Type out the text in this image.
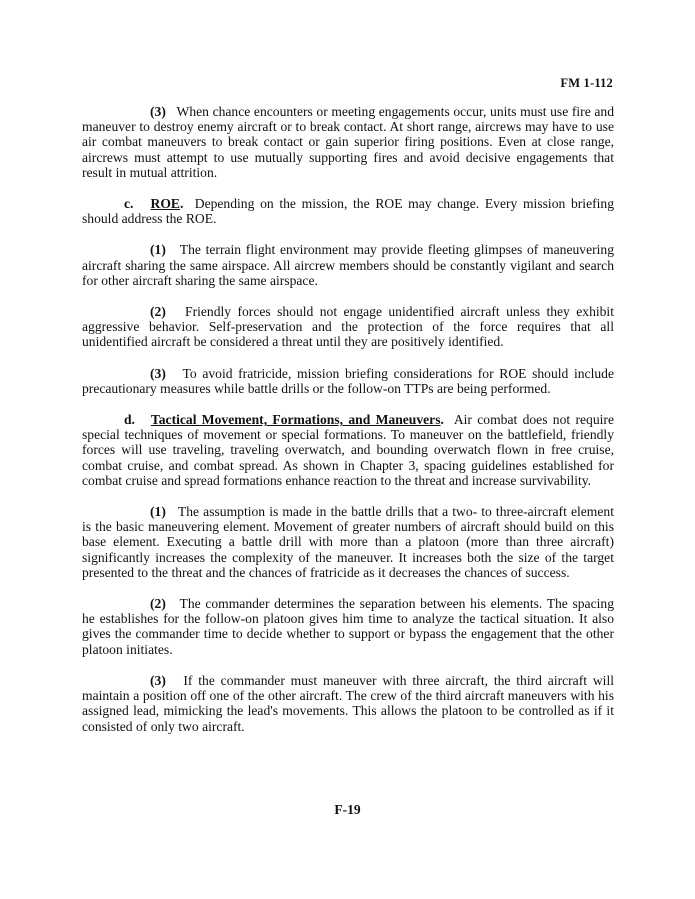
FM 1-112

(3) When chance encounters or meeting engagements occur, units must use fire and maneuver to destroy enemy aircraft or to break contact. At short range, aircrews may have to use air combat maneuvers to break contact or gain superior firing positions. Even at close range, aircrews must attempt to use mutually supporting fires and avoid decisive engagements that result in mutual attrition.

c. ROE. Depending on the mission, the ROE may change. Every mission briefing should address the ROE.

(1) The terrain flight environment may provide fleeting glimpses of maneuvering aircraft sharing the same airspace. All aircrew members should be constantly vigilant and search for other aircraft sharing the same airspace.

(2) Friendly forces should not engage unidentified aircraft unless they exhibit aggressive behavior. Self-preservation and the protection of the force requires that all unidentified aircraft be considered a threat until they are positively identified.

(3) To avoid fratricide, mission briefing considerations for ROE should include precautionary measures while battle drills or the follow-on TTPs are being performed.

d. Tactical Movement, Formations, and Maneuvers. Air combat does not require special techniques of movement or special formations. To maneuver on the battlefield, friendly forces will use traveling, traveling overwatch, and bounding overwatch flown in free cruise, combat cruise, and combat spread. As shown in Chapter 3, spacing guidelines established for combat cruise and spread formations enhance reaction to the threat and increase survivability.

(1) The assumption is made in the battle drills that a two- to three-aircraft element is the basic maneuvering element. Movement of greater numbers of aircraft should build on this base element. Executing a battle drill with more than a platoon (more than three aircraft) significantly increases the complexity of the maneuver. It increases both the size of the target presented to the threat and the chances of fratricide as it decreases the chances of success.

(2) The commander determines the separation between his elements. The spacing he establishes for the follow-on platoon gives him time to analyze the tactical situation. It also gives the commander time to decide whether to support or bypass the engagement that the other platoon initiates.

(3) If the commander must maneuver with three aircraft, the third aircraft will maintain a position off one of the other aircraft. The crew of the third aircraft maneuvers with his assigned lead, mimicking the lead's movements. This allows the platoon to be controlled as if it consisted of only two aircraft.

F-19
